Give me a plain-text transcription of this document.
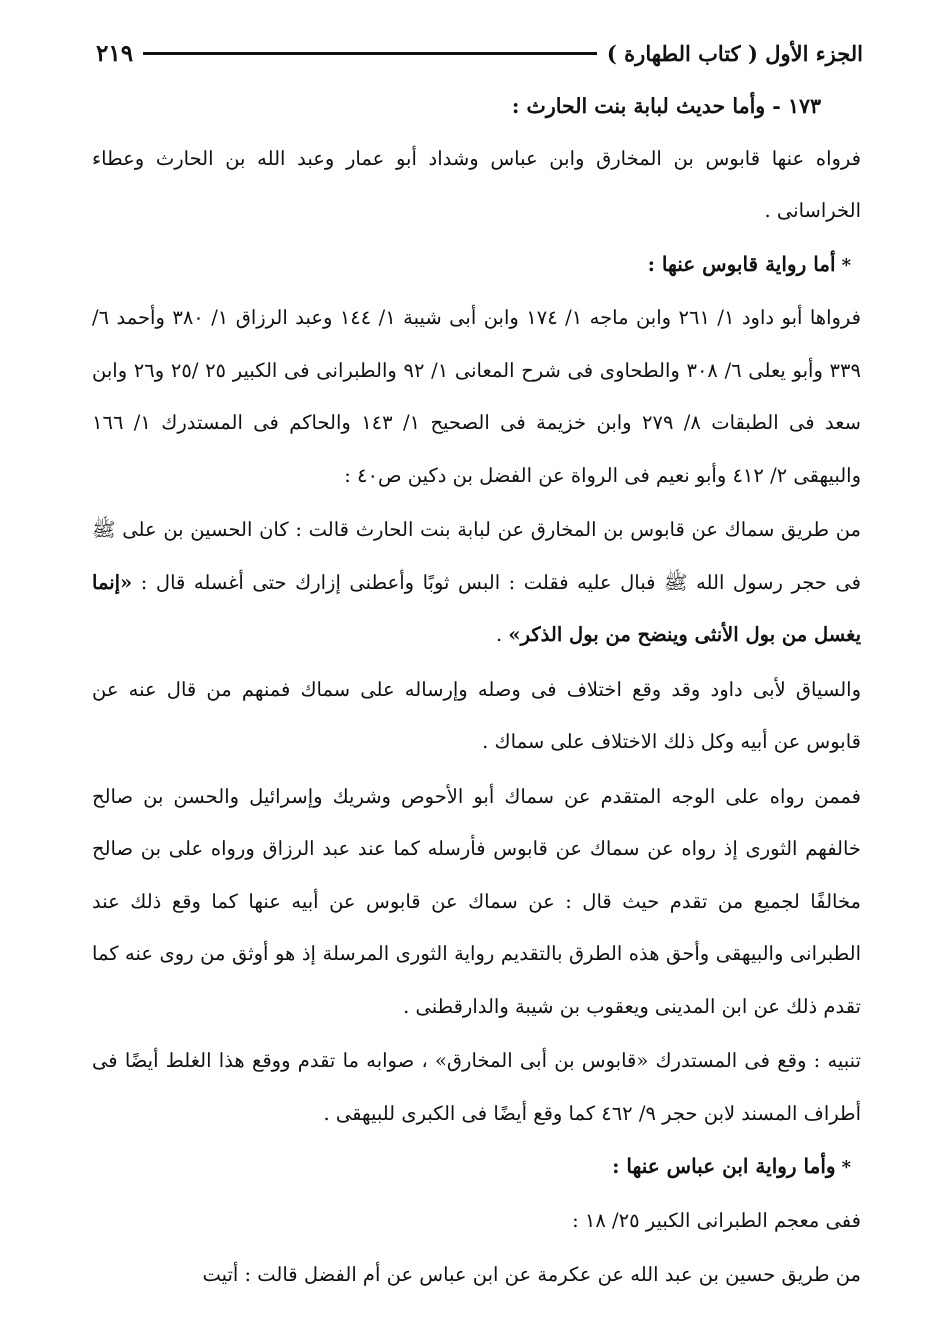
الجزء الأول ( كتاب الطهارة )
٢١٩

١٧٣ - وأما حديث لبابة بنت الحارث :

فرواه عنها قابوس بن المخارق وابن عباس وشداد أبو عمار وعبد الله بن الحارث وعطاء الخراسانى .

*أما رواية قابوس عنها :

فرواها أبو داود ١/ ٢٦١ وابن ماجه ١/ ١٧٤ وابن أبى شيبة ١/ ١٤٤ وعبد الرزاق ١/ ٣٨٠ وأحمد ٦/ ٣٣٩ وأبو يعلى ٦/ ٣٠٨ والطحاوى فى شرح المعانى ١/ ٩٢ والطبرانى فى الكبير ٢٥ /٢٥ و٢٦ وابن سعد فى الطبقات ٨/ ٢٧٩ وابن خزيمة فى الصحيح ١/ ١٤٣ والحاكم فى المستدرك ١/ ١٦٦ والبيهقى ٢/ ٤١٢ وأبو نعيم فى الرواة عن الفضل بن دكين ص٤٠ :

من طريق سماك عن قابوس بن المخارق عن لبابة بنت الحارث قالت : كان الحسين بن على ﷺ فى حجر رسول الله ﷺ فبال عليه فقلت : البس ثوبًا وأعطنى إزارك حتى أغسله قال : «إنما يغسل من بول الأنثى وينضح من بول الذكر» .

والسياق لأبى داود وقد وقع اختلاف فى وصله وإرساله على سماك فمنهم من قال عنه عن قابوس عن أبيه وكل ذلك الاختلاف على سماك .

فممن رواه على الوجه المتقدم عن سماك أبو الأحوص وشريك وإسرائيل والحسن بن صالح خالفهم الثورى إذ رواه عن سماك عن قابوس فأرسله كما عند عبد الرزاق ورواه على بن صالح مخالفًا لجميع من تقدم حيث قال : عن سماك عن قابوس عن أبيه عنها كما وقع ذلك عند الطبرانى والبيهقى وأحق هذه الطرق بالتقديم رواية الثورى المرسلة إذ هو أوثق من روى عنه كما تقدم ذلك عن ابن المدينى ويعقوب بن شيبة والدارقطنى .

تنبيه : وقع فى المستدرك «قابوس بن أبى المخارق» ، صوابه ما تقدم ووقع هذا الغلط أيضًا فى أطراف المسند لابن حجر ٩/ ٤٦٢ كما وقع أيضًا فى الكبرى للبيهقى .

*وأما رواية ابن عباس عنها :

ففى معجم الطبرانى الكبير ٢٥/ ١٨ :

من طريق حسين بن عبد الله عن عكرمة عن ابن عباس عن أم الفضل قالت : أتيت
